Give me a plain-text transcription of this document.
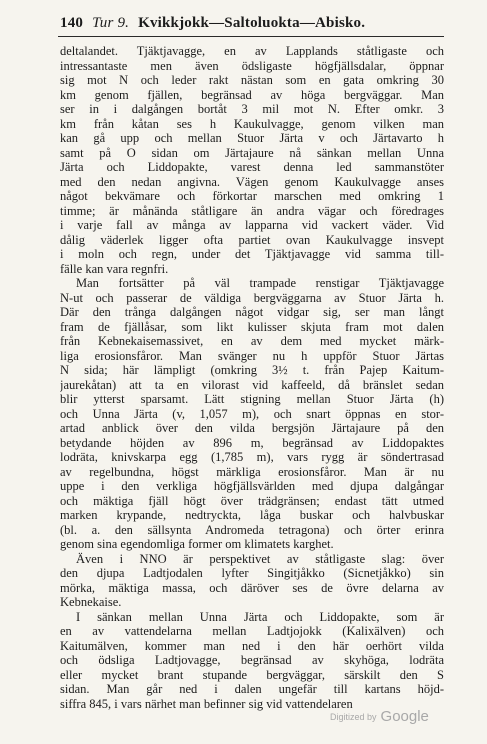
140 Tur 9. Kvikkjokk—Saltoluokta—Abisko.
deltalandet. Tjäktjavagge, en av Lapplands ståtligaste och
intressantaste men även ödsligaste högfjällsdalar, öppnar
sig mot N och leder rakt nästan som en gata omkring 30
km genom fjällen, begränsad av höga bergväggar. Man
ser in i dalgången bortåt 3 mil mot N. Efter omkr. 3
km från kåtan ses h Kaukulvagge, genom vilken man
kan gå upp och mellan Stuor Järta v och Järtavarto h
samt på O sidan om Järtajaure nå sänkan mellan Unna
Järta och Liddopakte, varest denna led sammanstöter
med den nedan angivna. Vägen genom Kaukulvagge anses
något bekvämare och förkortar marschen med omkring 1
timme; är månända ståtligare än andra vägar och föredrages
i varje fall av många av lapparna vid vackert väder. Vid
dålig väderlek ligger ofta partiet ovan Kaukulvagge insvept
i moln och regn, under det Tjäktjavagge vid samma till-
fälle kan vara regnfri.
Man fortsätter på väl trampade renstigar Tjäktjavagge
N-ut och passerar de väldiga bergväggarna av Stuor Järta h.
Där den trånga dalgången något vidgar sig, ser man långt
fram de fjällåsar, som likt kulisser skjuta fram mot dalen
från Kebnekaisemassivet, en av dem med mycket märk-
liga erosionsfåror. Man svänger nu h uppför Stuor Järtas
N sida; här lämpligt (omkring 3½ t. från Pajep Kaitum-
jaurekåtan) att ta en vilorast vid kaffeeld, då bränslet sedan
blir ytterst sparsamt. Lätt stigning mellan Stuor Järta (h)
och Unna Järta (v, 1,057 m), och snart öppnas en stor-
artad anblick över den vilda bergsjön Järtajaure på den
betydande höjden av 896 m, begränsad av Liddopaktes
lodräta, knivskarpa egg (1,785 m), vars rygg är söndertrasad
av regelbundna, högst märkliga erosionsfåror. Man är nu
uppe i den verkliga högfjällsvärlden med djupa dalgångar
och mäktiga fjäll högt över trädgränsen; endast tätt utmed
marken krypande, nedtryckta, låga buskar och halvbuskar
(bl. a. den sällsynta Andromeda tetragona) och örter erinra
genom sina egendomliga former om klimatets karghet.
Även i NNO är perspektivet av ståtligaste slag: över
den djupa Ladtjodalen lyfter Singitjåkko (Sicnetjåkko) sin
mörka, mäktiga massa, och däröver ses de övre delarna av
Kebnekaise.
I sänkan mellan Unna Järta och Liddopakte, som är
en av vattendelarna mellan Ladtjojokk (Kalixälven) och
Kaitumälven, kommer man ned i den här oerhört vilda
och ödsliga Ladtjovagge, begränsad av skyhöga, lodräta
eller mycket brant stupande bergväggar, särskilt den S
sidan. Man går ned i dalen ungefär till kartans höjd-
siffra 845, i vars närhet man befinner sig vid vattendelaren
Digitized by Google
